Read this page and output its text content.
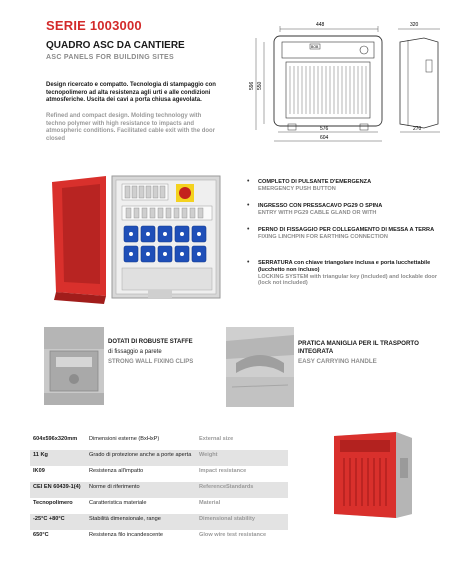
SERIE 1003000
QUADRO ASC DA CANTIERE
ASC PANELS FOR BUILDING SITES
Design ricercato e compatto. Tecnologia di stampaggio con tecnopolimero ad alta resistenza agli urti e alle condizioni atmosferiche. Uscita dei cavi a porta chiusa agevolata.
Refined and compact design. Molding technology with techno polymer with high resistance to impacts and atmospheric conditions. Facilitated cable exit with the door closed
448	320
596 550
BOB
576
604
270
• COMPLETO DI PULSANTE D'EMERGENZA
EMERGENCY PUSH BUTTON
• INGRESSO CON PRESSACAVO PG29 O SPINA
ENTRY WITH PG29 CABLE GLAND OR WITH
• PERNO DI FISSAGGIO PER COLLEGAMENTO DI MESSA A TERRA
FIXING LINCHPIN FOR EARTHING CONNECTION
• SERRATURA con chiave triangolare inclusa e porta lucchettabile (lucchetto non incluso)
LOCKING SYSTEM with triangular key (included) and lockable door (lock not included)
DOTATI DI ROBUSTE STAFFE di fissaggio a parete
STRONG WALL FIXING CLIPS
PRATICA MANIGLIA PER IL TRASPORTO INTEGRATA
EASY CARRYING HANDLE
604x596x320mm	Dimensioni esterne (BxHxP)	External size
11 Kg	Grado di protezione anche a porte aperta	Weight
IK09	Resistenza all'impatto	Impact resistance
CEI EN 60439-1(4)	Norme di riferimento	ReferenceStandards
Tecnopolimero	Caratteristica materiale	Material
-25°C +80°C	Stabilità dimensionale, range	Dimensional stability
650°C	Resistenza filo incandescente	Glow wire test resistance
